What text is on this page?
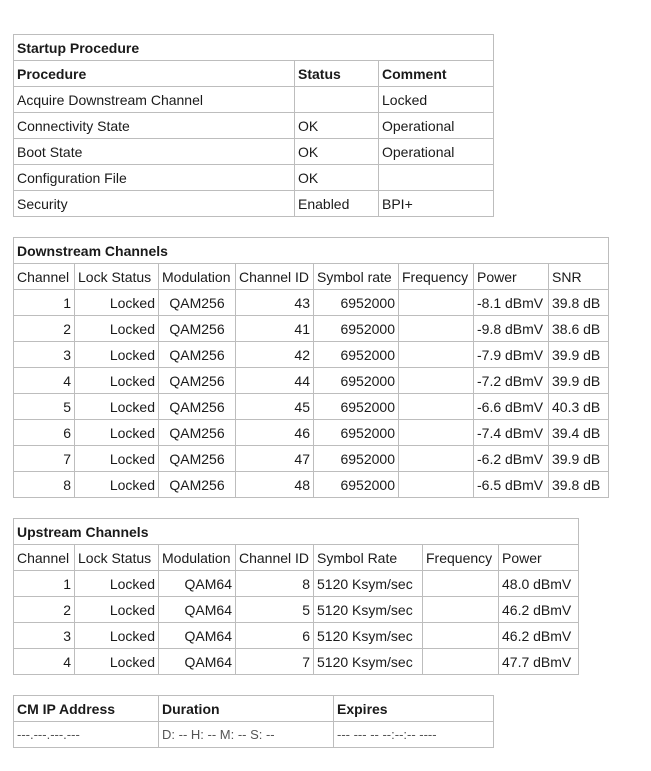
Startup Procedure		
Procedure	Status	Comment
Acquire Downstream Channel		Locked
Connectivity State	OK	Operational
Boot State	OK	Operational
Configuration File	OK	
Security	Enabled	BPI+
Downstream Channels							
Channel	Lock Status	Modulation	Channel ID	Symbol rate	Frequency	Power	SNR
1	Locked	QAM256	43	6952000		-8.1 dBmV	39.8 dB
2	Locked	QAM256	41	6952000		-9.8 dBmV	38.6 dB
3	Locked	QAM256	42	6952000		-7.9 dBmV	39.9 dB
4	Locked	QAM256	44	6952000		-7.2 dBmV	39.9 dB
5	Locked	QAM256	45	6952000		-6.6 dBmV	40.3 dB
6	Locked	QAM256	46	6952000		-7.4 dBmV	39.4 dB
7	Locked	QAM256	47	6952000		-6.2 dBmV	39.9 dB
8	Locked	QAM256	48	6952000		-6.5 dBmV	39.8 dB
Upstream Channels						
Channel	Lock Status	Modulation	Channel ID	Symbol Rate	Frequency	Power
1	Locked	QAM64	8	5120 Ksym/sec		48.0 dBmV
2	Locked	QAM64	5	5120 Ksym/sec		46.2 dBmV
3	Locked	QAM64	6	5120 Ksym/sec		46.2 dBmV
4	Locked	QAM64	7	5120 Ksym/sec		47.7 dBmV
CM IP Address	Duration	Expires
---.---.---.---	D: -- H: -- M: -- S: --	--- --- -- --:--:-- ----
